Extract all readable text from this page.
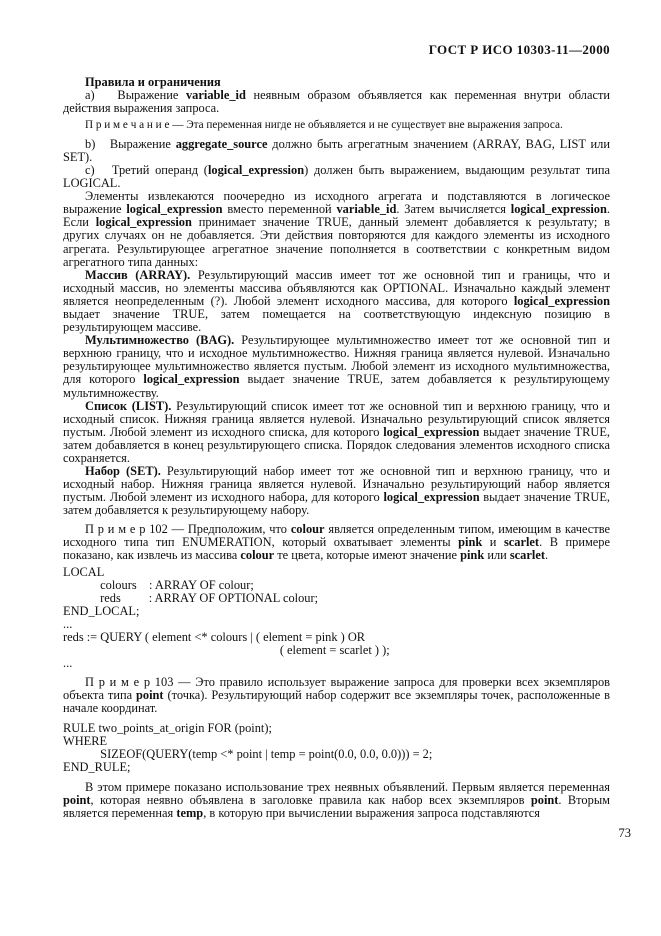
ГОСТ Р ИСО 10303-11—2000

Правила и ограничения

а)   Выражение variable_id неявным образом объявляется как переменная внутри области действия выражения запроса.

П р и м е ч а н и е — Эта переменная нигде не объявляется и не существует вне выражения запроса.

b)   Выражение aggregate_source должно быть агрегатным значением (ARRAY, BAG, LIST или SET).

c)   Третий операнд (logical_expression) должен быть выражением, выдающим результат типа LOGICAL.

Элементы извлекаются поочередно из исходного агрегата и подставляются в логическое выражение logical_expression вместо переменной variable_id. Затем вычисляется logical_expression. Если logical_expression принимает значение TRUE, данный элемент добавляется к результату; в других случаях он не добавляется. Эти действия повторяются для каждого элементы из исходного агрегата. Результирующее агрегатное значение пополняется в соответствии с конкретным видом агрегатного типа данных:

Массив (ARRAY). Результирующий массив имеет тот же основной тип и границы, что и исходный массив, но элементы массива объявляются как OPTIONAL. Изначально каждый элемент является неопределенным (?). Любой элемент исходного массива, для которого logical_expression выдает значение TRUE, затем помещается на соответствующую индексную позицию в результирующем массиве.

Мультимножество (BAG). Результирующее мультимножество имеет тот же основной тип и верхнюю границу, что и исходное мультимножество. Нижняя граница является нулевой. Изначально результирующее мультимножество является пустым. Любой элемент из исходного мультимножества, для которого logical_expression выдает значение TRUE, затем добавляется к результирующему мультимножеству.

Список (LIST). Результирующий список имеет тот же основной тип и верхнюю границу, что и исходный список. Нижняя граница является нулевой. Изначально результирующий список является пустым. Любой элемент из исходного списка, для которого logical_expression выдает значение TRUE, затем добавляется в конец результирующего списка. Порядок следования элементов исходного списка сохраняется.

Набор (SET). Результирующий набор имеет тот же основной тип и верхнюю границу, что и исходный набор. Нижняя граница является нулевой. Изначально результирующий набор является пустым. Любой элемент из исходного набора, для которого logical_expression выдает значение TRUE, затем добавляется к результирующему набору.

П р и м е р 102 — Предположим, что colour является определенным типом, имеющим в качестве исходного типа тип ENUMERATION, который охватывает элементы pink и scarlet. В примере показано, как извлечь из массива colour те цвета, которые имеют значение pink или scarlet.

LOCAL
colours    : ARRAY OF colour;
reds         : ARRAY OF OPTIONAL colour;
END_LOCAL;
...
reds := QUERY ( element <* colours | ( element = pink ) OR
( element = scarlet ) );
...

П р и м е р 103 — Это правило использует выражение запроса для проверки всех экземпляров объекта типа point (точка). Результирующий набор содержит все экземпляры точек, расположенные в начале координат.

RULE two_points_at_origin FOR (point);
WHERE
SIZEOF(QUERY(temp <* point | temp = point(0.0, 0.0, 0.0))) = 2;
END_RULE;

В этом примере показано использование трех неявных объявлений. Первым является переменная point, которая неявно объявлена в заголовке правила как набор всех экземпляров point. Вторым является переменная temp, в которую при вычислении выражения запроса подставляются

73
